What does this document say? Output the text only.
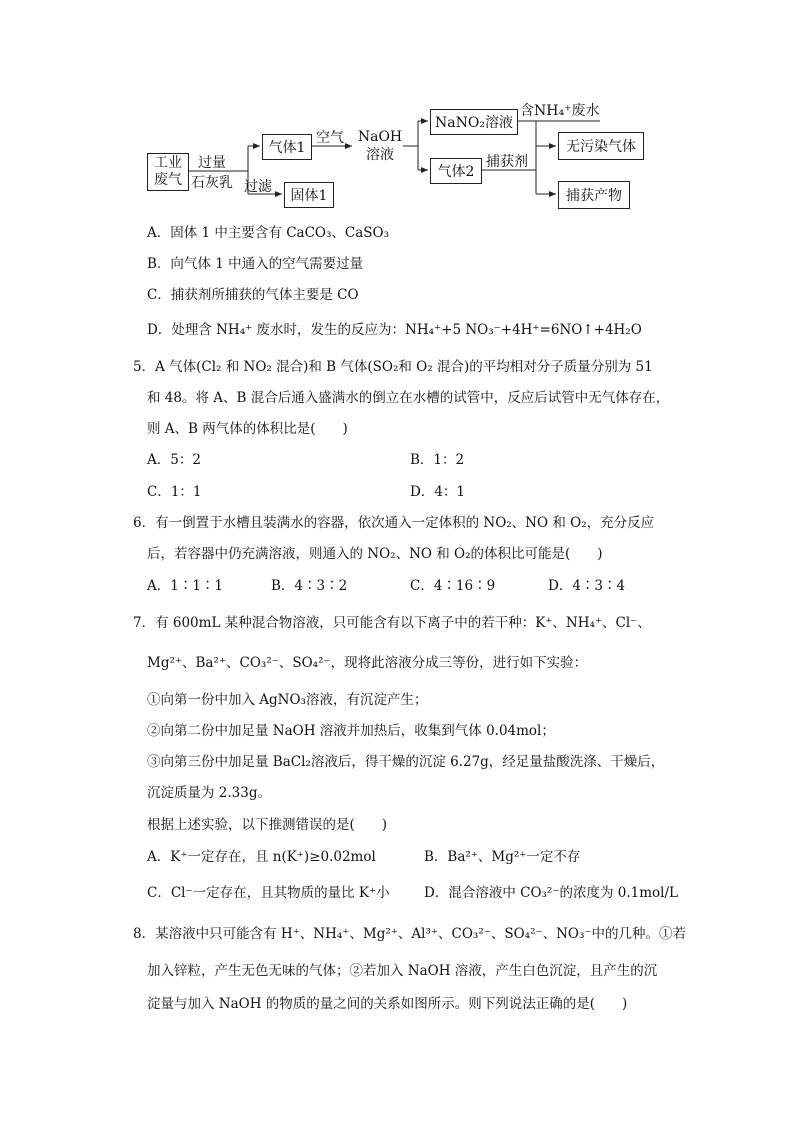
工业
废气
过量
石灰乳 过滤
气体1
固体1
空气 NaOH
溶液
NaNO₂溶液
含NH₄⁺废水
气体2
捕获剂
无污染气体
捕获产物
A．固体 1 中主要含有 CaCO₃、CaSO₃
B．向气体 1 中通入的空气需要过量
C．捕获剂所捕获的气体主要是 CO
D．处理含 NH₄⁺ 废水时，发生的反应为：NH₄⁺+5 NO₃⁻+4H⁺=6NO↑+4H₂O
5．A 气体(Cl₂ 和 NO₂ 混合)和 B 气体(SO₂和 O₂ 混合)的平均相对分子质量分别为 51
和 48。将 A、B 混合后通入盛满水的倒立在水槽的试管中，反应后试管中无气体存在，
则 A、B 两气体的体积比是(　　)
A．5：2	B．1：2
C．1：1	D．4：1
6．有一倒置于水槽且装满水的容器，依次通入一定体积的 NO₂、NO 和 O₂，充分反应
后，若容器中仍充满溶液，则通入的 NO₂、NO 和 O₂的体积比可能是(　　)
A．1∶1∶1	B．4∶3∶2	C．4∶16∶9	D．4∶3∶4
7．有 600mL 某种混合物溶液，只可能含有以下离子中的若干种：K⁺、NH₄⁺、Cl⁻、
Mg²⁺、Ba²⁺、CO₃²⁻、SO₄²⁻，现将此溶液分成三等份，进行如下实验：
①向第一份中加入 AgNO₃溶液，有沉淀产生；
②向第二份中加足量 NaOH 溶液并加热后，收集到气体 0.04mol；
③向第三份中加足量 BaCl₂溶液后，得干燥的沉淀 6.27g，经足量盐酸洗涤、干燥后，
沉淀质量为 2.33g。
根据上述实验，以下推测错误的是(　　)
A．K⁺一定存在，且 n(K⁺)≥0.02mol	B．Ba²⁺、Mg²⁺一定不存
C．Cl⁻一定存在，且其物质的量比 K⁺小	D．混合溶液中 CO₃²⁻的浓度为 0.1mol/L
8．某溶液中只可能含有 H⁺、NH₄⁺、Mg²⁺、Al³⁺、CO₃²⁻、SO₄²⁻、NO₃⁻中的几种。①若
加入锌粒，产生无色无味的气体；②若加入 NaOH 溶液，产生白色沉淀，且产生的沉
淀量与加入 NaOH 的物质的量之间的关系如图所示。则下列说法正确的是(　　)
